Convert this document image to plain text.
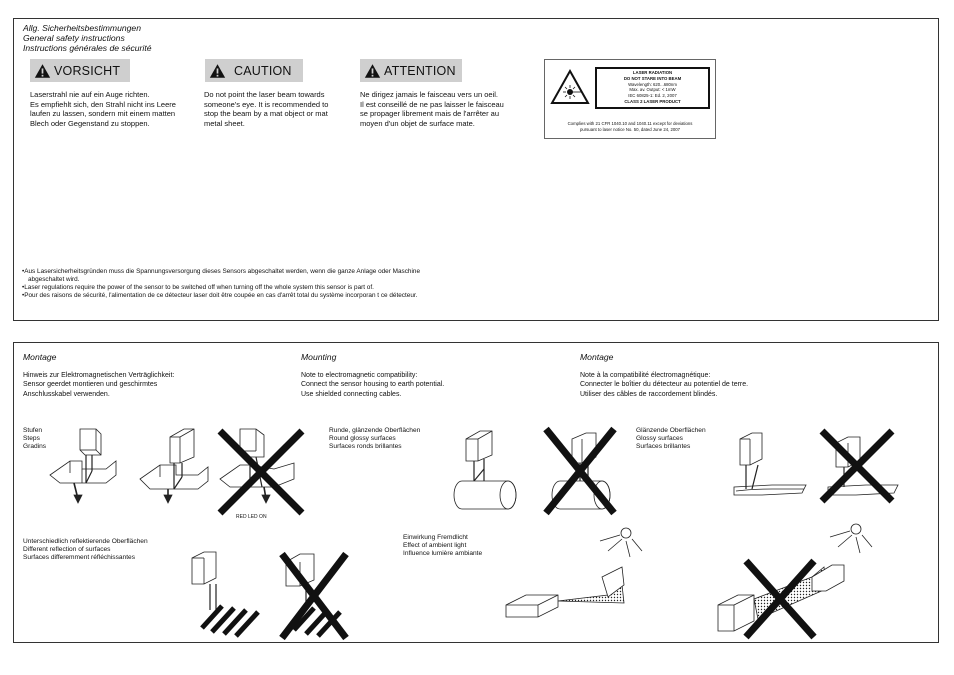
Allg. Sicherheitsbestimmungen
General safety instructions
Instructions générales de sécurité
VORSICHT	CAUTION	ATTENTION
Laserstrahl nie auf ein Auge richten.
Es empfiehlt sich, den Strahl nicht ins Leere
laufen zu lassen, sondern mit einem matten
Blech oder Gegenstand zu stoppen.
Do not point the laser beam towards
someone's eye. It is recommended to
stop the beam by a mat object or mat
metal sheet.
Ne dirigez jamais le faisceau vers un oeil.
Il est conseillé de ne pas laisser le faisceau
se propager librement mais de l'arrêter au
moyen d'un objet de surface mate.
LASER RADIATION
DO NOT STARE INTO BEAM
Wavelength: 620...680nm
Max. av. Output: < 1mW
IEC 60825-1: Ed. 2, 2007
CLASS 2 LASER PRODUCT
Complies with 21 CFR 1040.10 and 1040.11 except for deviations
pursuant to laser notice No. 50, dated June 24, 2007
•Aus Lasersicherheitsgründen muss die Spannungsversorgung dieses Sensors abgeschaltet werden, wenn die ganze Anlage oder Maschine
abgeschaltet wird.
•Laser regulations require the power of the sensor to be switched off when turning off the whole system this sensor is part of.
•Pour des raisons de sécurité, l'alimentation de ce détecteur laser doit être coupée en cas d'arrêt total du système incorporan t ce détecteur.
Montage	Mounting	Montage
Hinweis zur Elektromagnetischen Verträglichkeit:
Sensor geerdet montieren und geschirmtes
Anschlusskabel verwenden.
Note to electromagnetic compatibility:
Connect the sensor housing to earth potential.
Use shielded connecting cables.
Note à la compatibilité électromagnétique:
Connecter le boîtier du détecteur au potentiel de terre.
Utiliser des câbles de raccordement blindés.
Stufen
Steps
Gradins
Runde, glänzende Oberflächen
Round glossy surfaces
Surfaces ronds brillantes
Glänzende Oberflächen
Glossy surfaces
Surfaces brillantes
Unterschiedlich reflektierende Oberflächen
Different reflection of surfaces
Surfaces differemment réfléchissantes
Einwirkung Fremdlicht
Effect of ambient light
Influence lumière ambiante
RED LED ON
